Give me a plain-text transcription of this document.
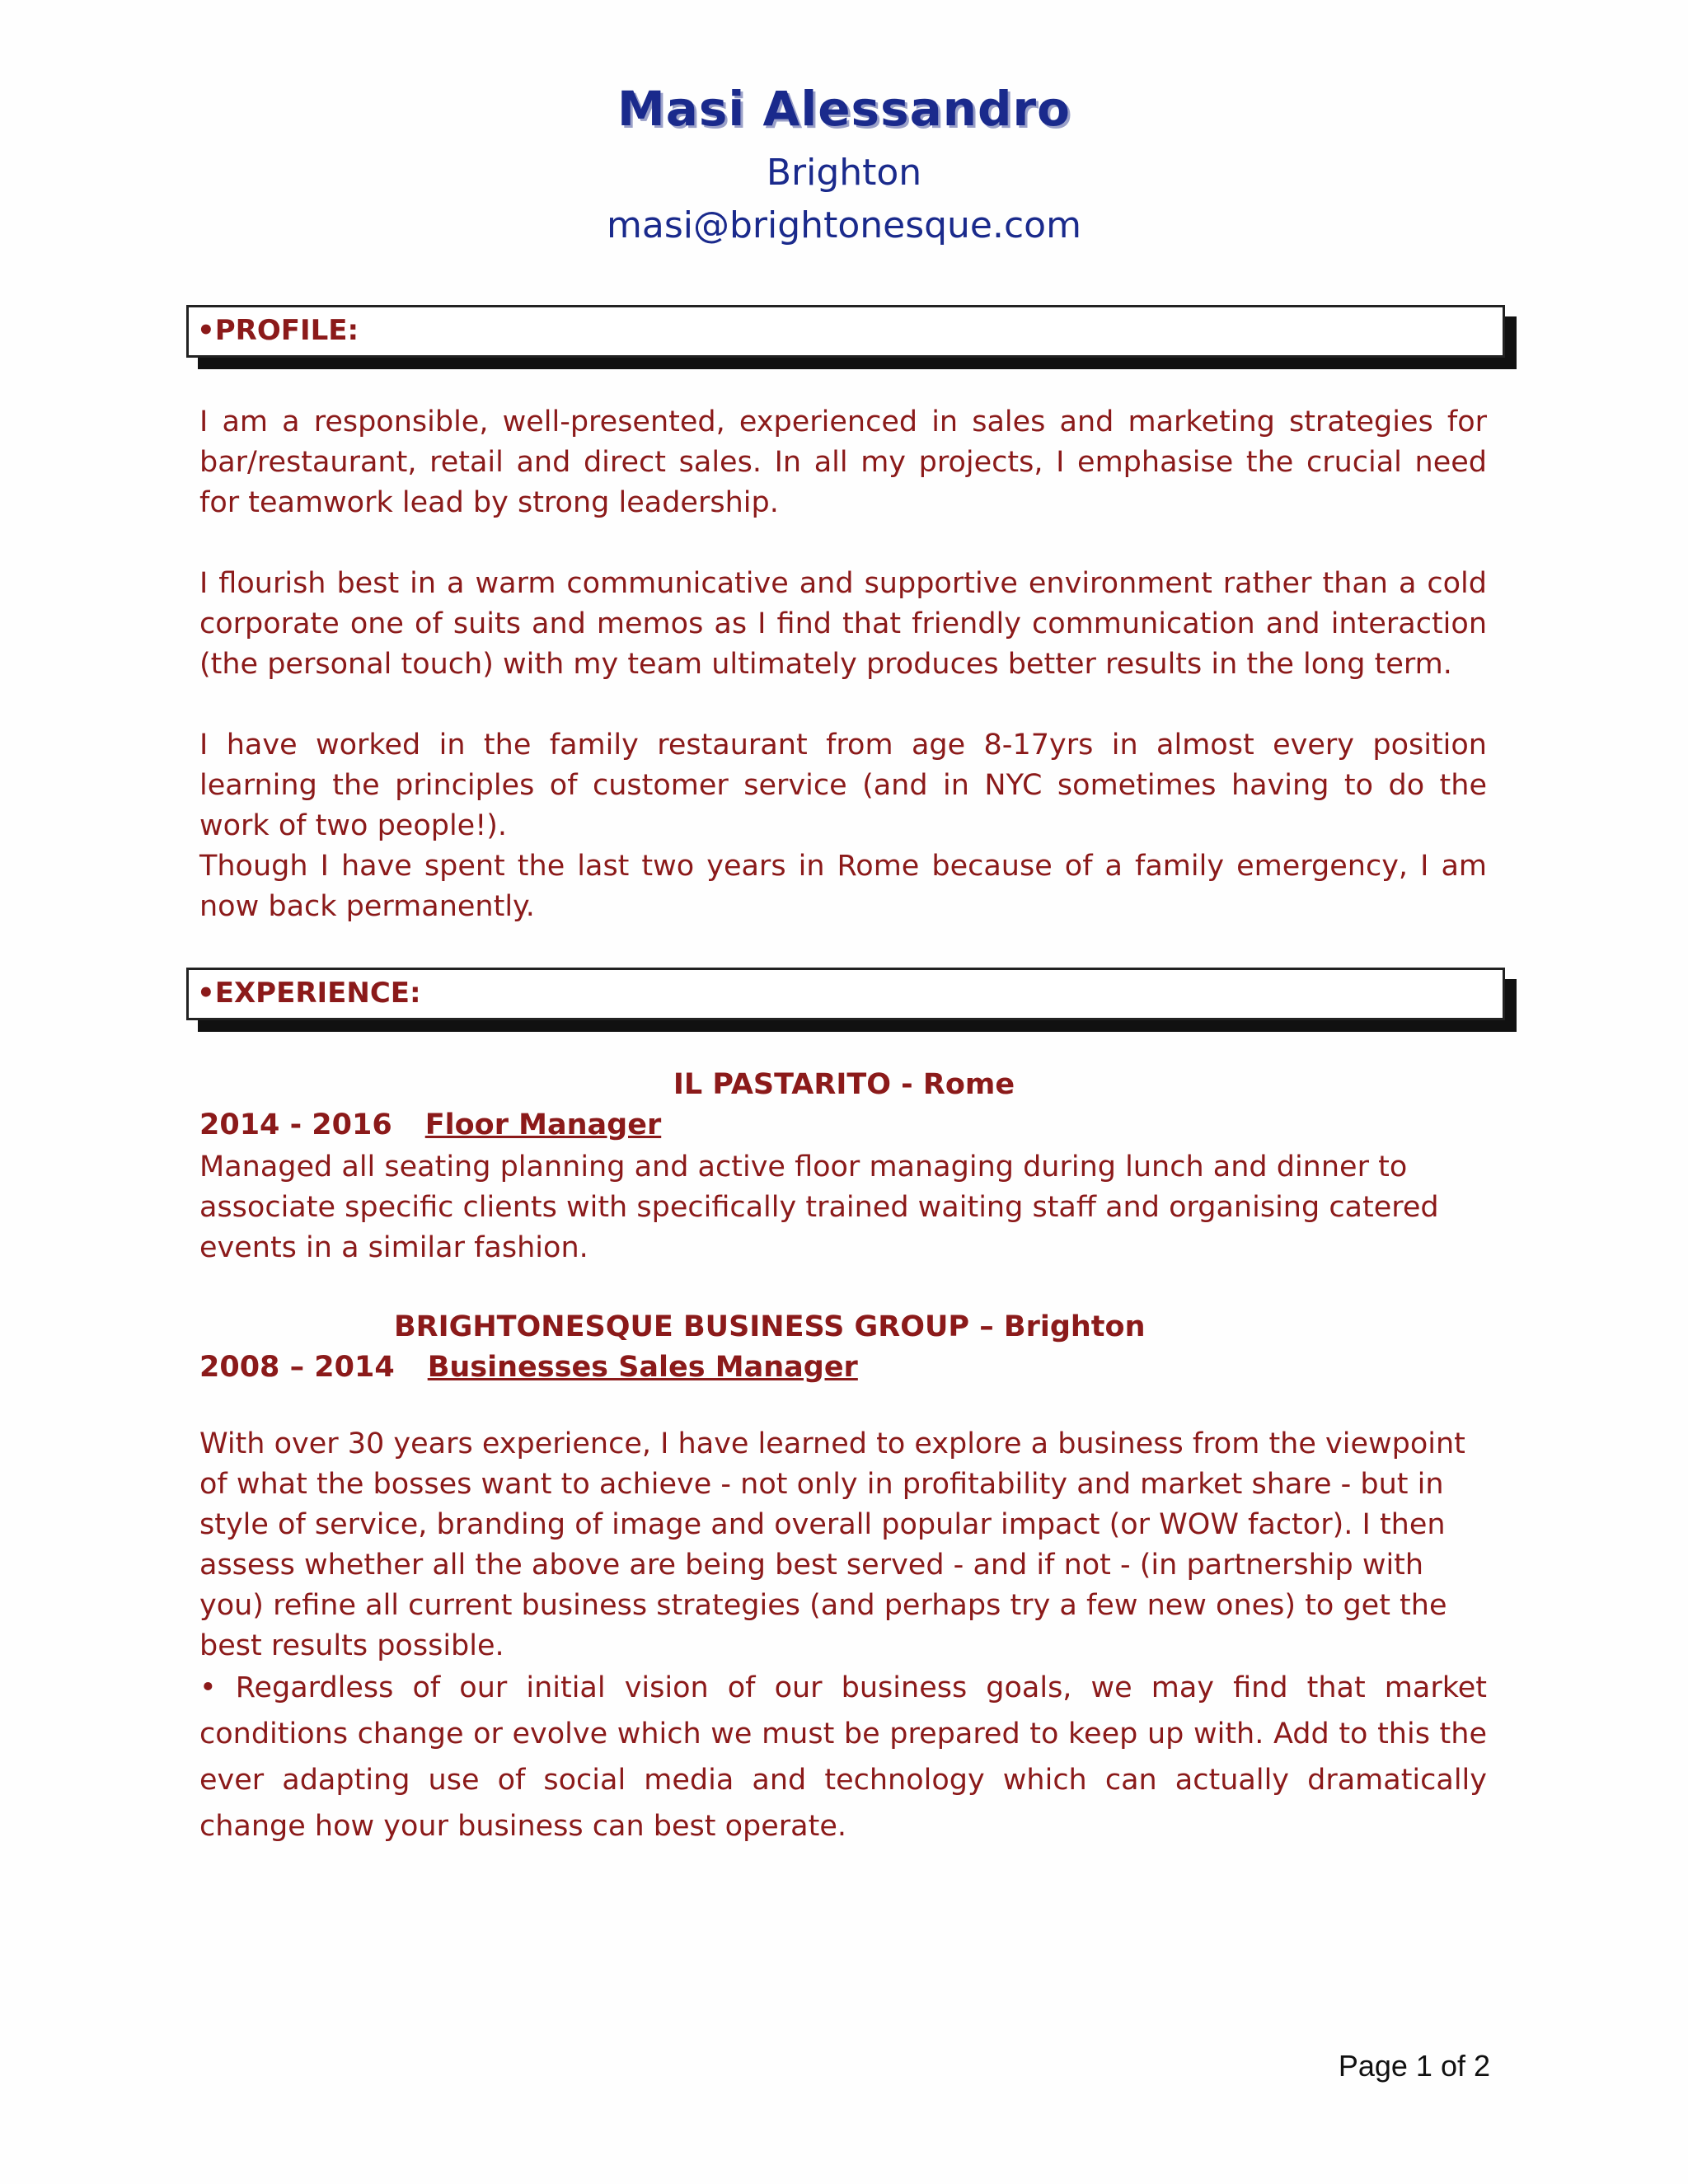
Masi Alessandro
Brighton
masi@brightonesque.com
•PROFILE:
I am a responsible, well-presented, experienced in sales and marketing strategies for bar/restaurant, retail and direct sales. In all my projects, I emphasise the crucial need for teamwork lead by strong leadership.
I flourish best in a warm communicative and supportive environment rather than a cold corporate one of suits and memos as I find that friendly communication and interaction (the personal touch) with my team ultimately produces better results in the long term.
I have worked in the family restaurant from age 8-17yrs in almost every position learning the principles of customer service (and in NYC sometimes having to do the work of two people!).
Though I have spent the last two years in Rome because of a family emergency, I am now back permanently.
•EXPERIENCE:
IL PASTARITO - Rome
2014 - 2016 Floor Manager
Managed all seating planning and active floor managing during lunch and dinner to associate specific clients with specifically trained waiting staff and organising catered events in a similar fashion.
BRIGHTONESQUE BUSINESS GROUP – Brighton
2008 – 2014 Businesses Sales Manager
With over 30 years experience, I have learned to explore a business from the viewpoint of what the bosses want to achieve - not only in profitability and market share - but in style of service, branding of image and overall popular impact (or WOW factor). I then assess whether all the above are being best served - and if not - (in partnership with you) refine all current business strategies (and perhaps try a few new ones) to get the best results possible.
• Regardless of our initial vision of our business goals, we may find that market conditions change or evolve which we must be prepared to keep up with. Add to this the ever adapting use of social media and technology which can actually dramatically change how your business can best operate.
Page 1 of 2
